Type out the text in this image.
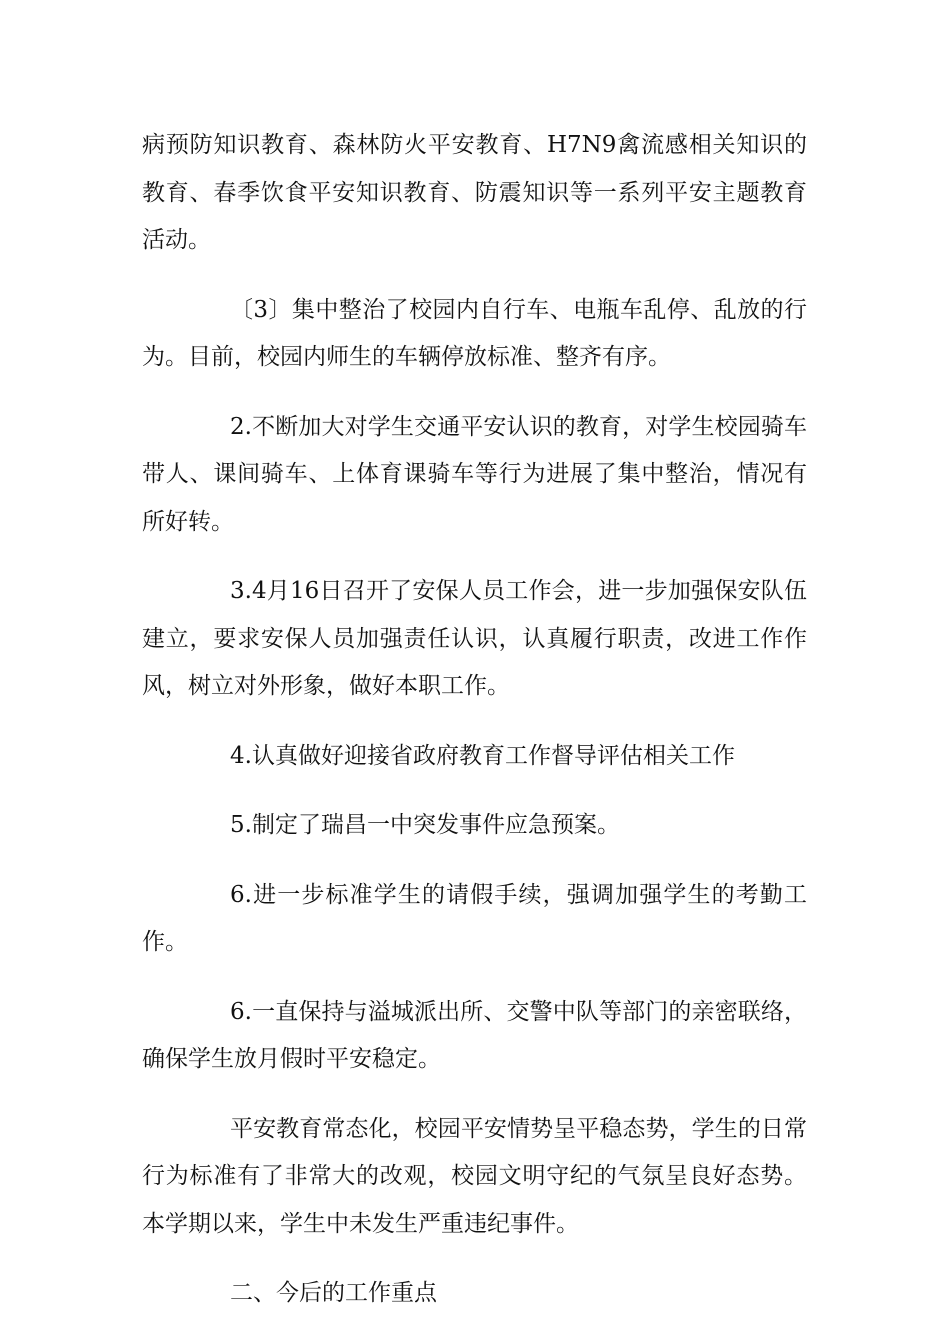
病预防知识教育、森林防火平安教育、H7N9禽流感相关知识的教育、春季饮食平安知识教育、防震知识等一系列平安主题教育活动。

〔3〕集中整治了校园内自行车、电瓶车乱停、乱放的行为。目前，校园内师生的车辆停放标准、整齐有序。

2.不断加大对学生交通平安认识的教育，对学生校园骑车带人、课间骑车、上体育课骑车等行为进展了集中整治，情况有所好转。

3.4月16日召开了安保人员工作会，进一步加强保安队伍建立，要求安保人员加强责任认识，认真履行职责，改进工作作风，树立对外形象，做好本职工作。

4.认真做好迎接省政府教育工作督导评估相关工作

5.制定了瑞昌一中突发事件应急预案。

6.进一步标准学生的请假手续，强调加强学生的考勤工作。

6.一直保持与溢城派出所、交警中队等部门的亲密联络，确保学生放月假时平安稳定。

平安教育常态化，校园平安情势呈平稳态势，学生的日常行为标准有了非常大的改观，校园文明守纪的气氛呈良好态势。本学期以来，学生中未发生严重违纪事件。

二、今后的工作重点
